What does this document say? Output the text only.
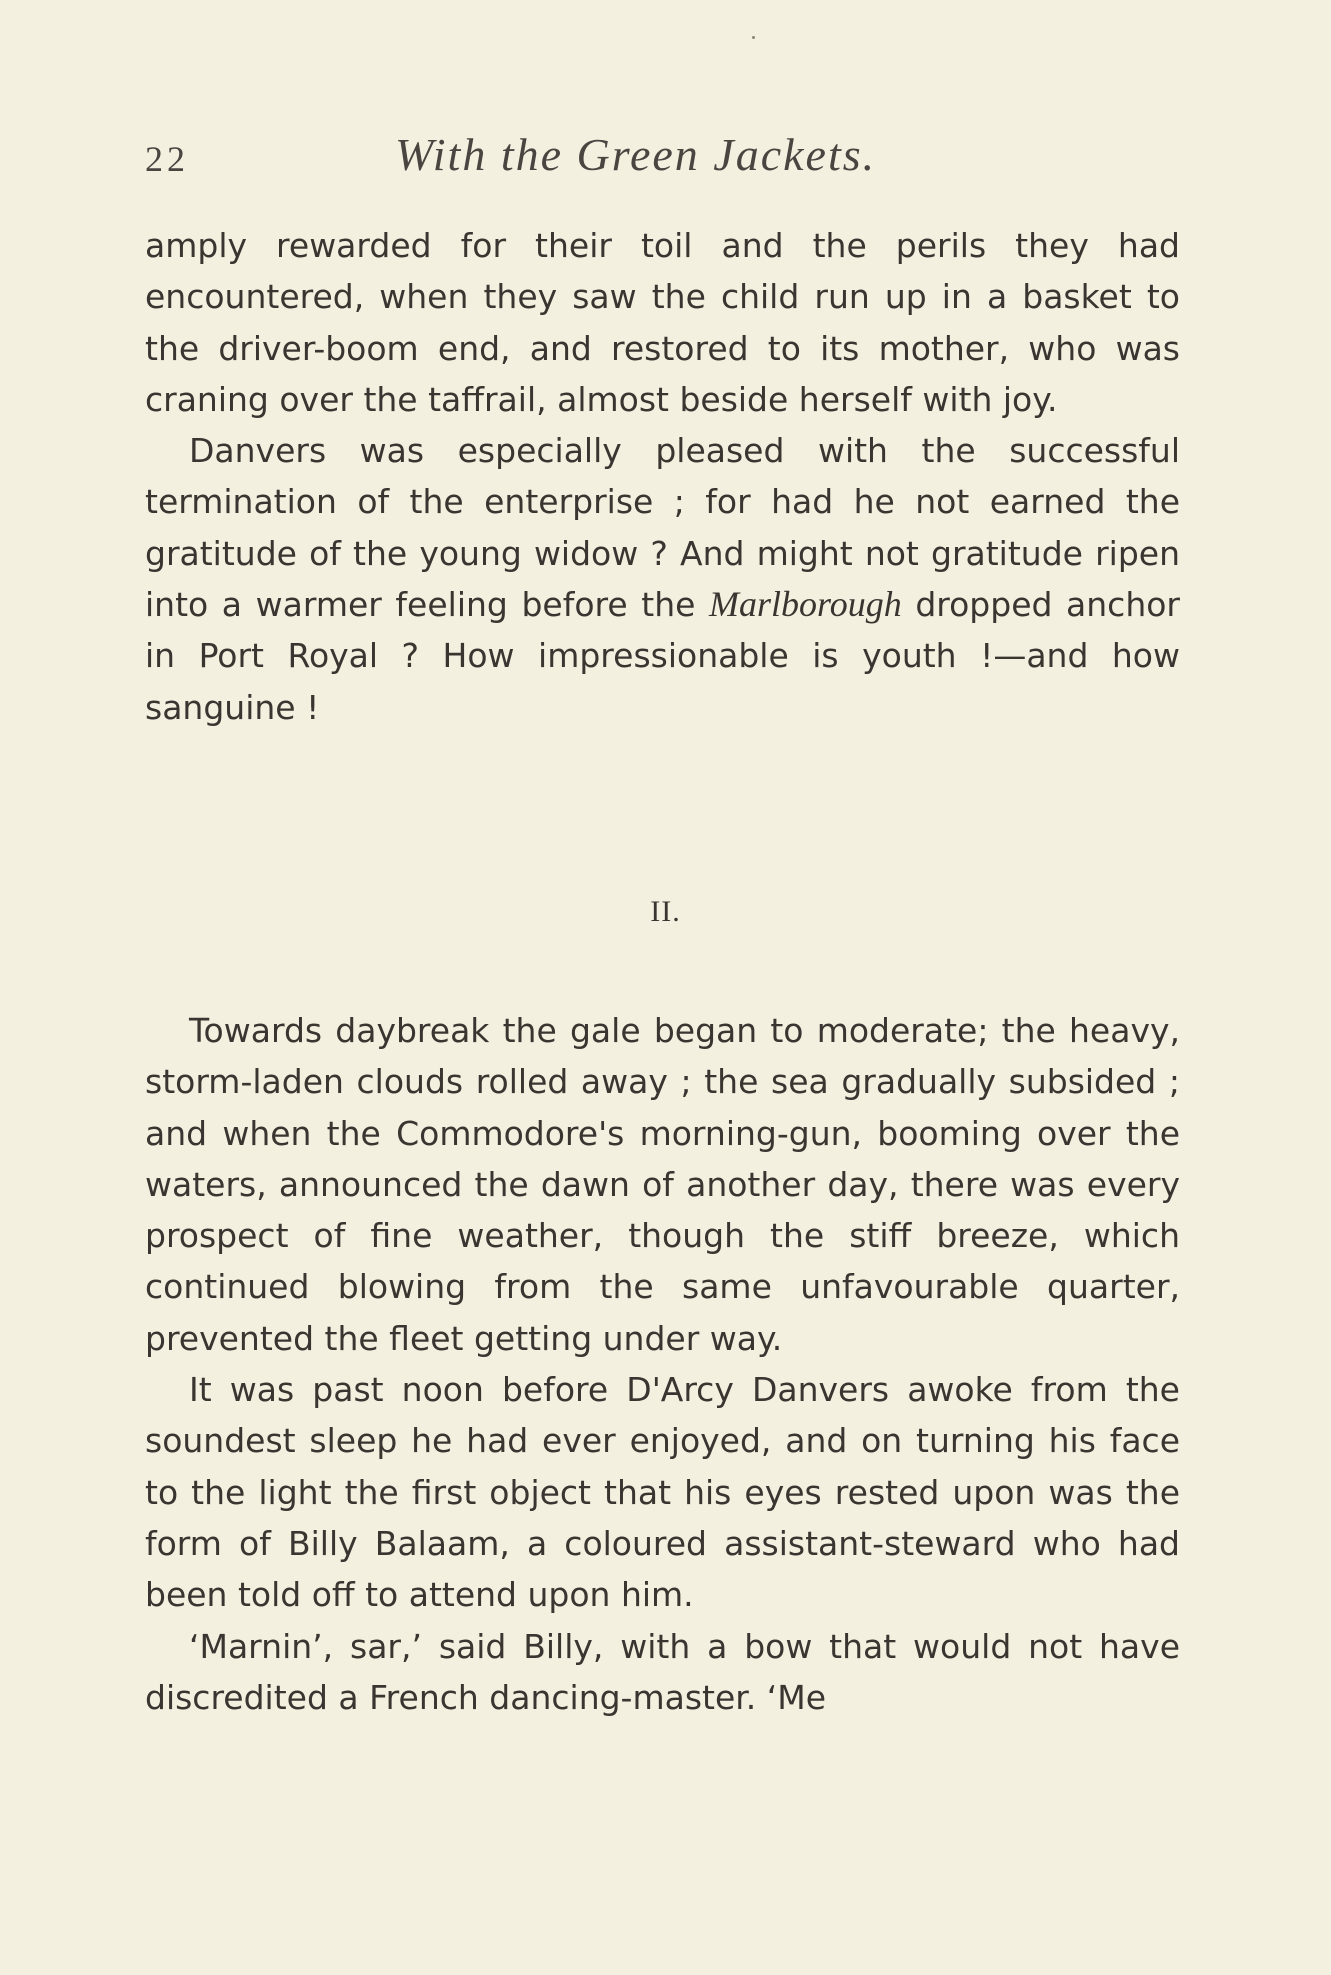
22	With the Green Jackets.

amply rewarded for their toil and the perils they had encountered, when they saw the child run up in a basket to the driver-boom end, and restored to its mother, who was craning over the taffrail, almost beside herself with joy.

Danvers was especially pleased with the successful termination of the enterprise ; for had he not earned the gratitude of the young widow ? And might not gratitude ripen into a warmer feeling before the Marlborough dropped anchor in Port Royal ? How impressionable is youth !—and how sanguine !

II.

Towards daybreak the gale began to moderate; the heavy, storm-laden clouds rolled away ; the sea gradually subsided ; and when the Commodore's morning-gun, booming over the waters, announced the dawn of another day, there was every prospect of fine weather, though the stiff breeze, which continued blowing from the same unfavourable quarter, prevented the fleet getting under way.

It was past noon before D'Arcy Danvers awoke from the soundest sleep he had ever enjoyed, and on turning his face to the light the first object that his eyes rested upon was the form of Billy Balaam, a coloured assistant-steward who had been told off to attend upon him.

‘Marnin’, sar,’ said Billy, with a bow that would not have discredited a French dancing-master. ‘Me
